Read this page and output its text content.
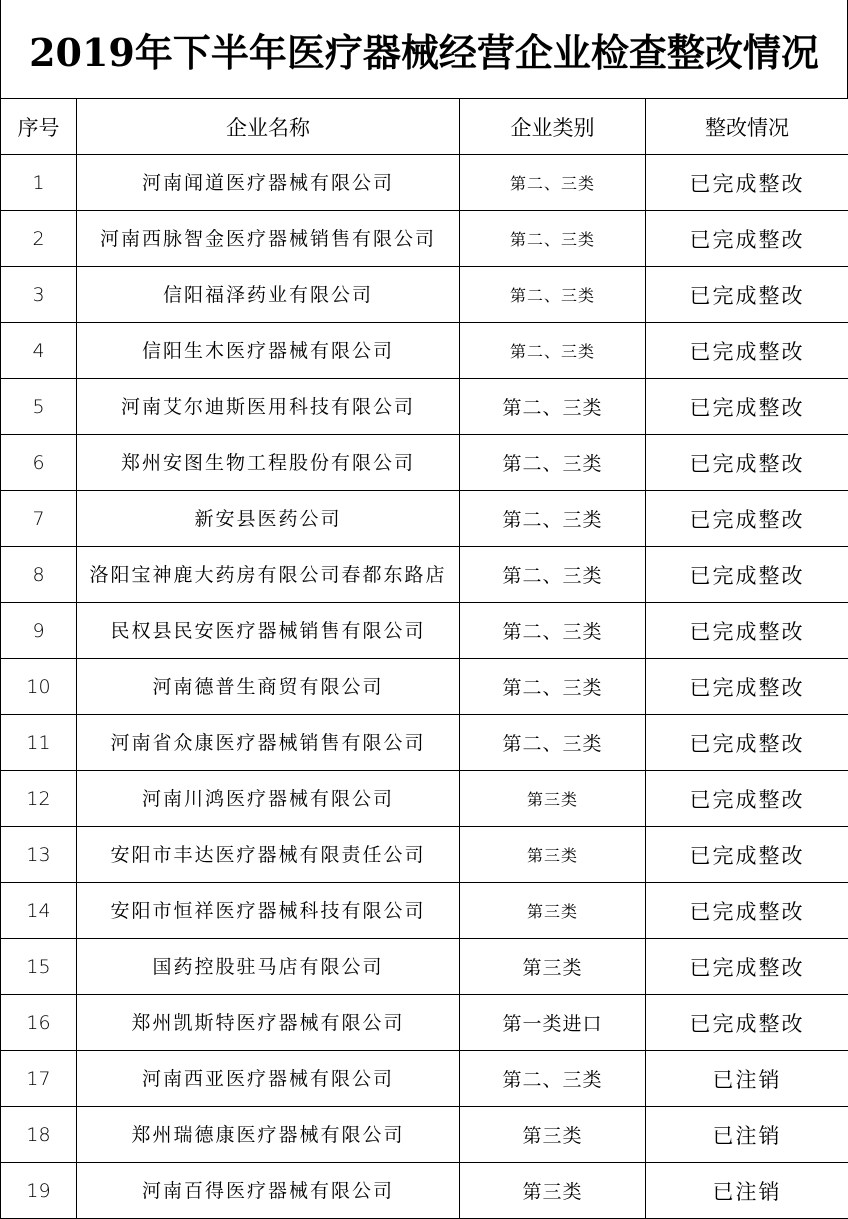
2019年下半年医疗器械经营企业检查整改情况
序号	企业名称	企业类别	整改情况
1	河南闻道医疗器械有限公司	第二、三类	已完成整改
2	河南西脉智金医疗器械销售有限公司	第二、三类	已完成整改
3	信阳福泽药业有限公司	第二、三类	已完成整改
4	信阳生木医疗器械有限公司	第二、三类	已完成整改
5	河南艾尔迪斯医用科技有限公司	第二、三类	已完成整改
6	郑州安图生物工程股份有限公司	第二、三类	已完成整改
7	新安县医药公司	第二、三类	已完成整改
8	洛阳宝神鹿大药房有限公司春都东路店	第二、三类	已完成整改
9	民权县民安医疗器械销售有限公司	第二、三类	已完成整改
10	河南德普生商贸有限公司	第二、三类	已完成整改
11	河南省众康医疗器械销售有限公司	第二、三类	已完成整改
12	河南川鸿医疗器械有限公司	第三类	已完成整改
13	安阳市丰达医疗器械有限责任公司	第三类	已完成整改
14	安阳市恒祥医疗器械科技有限公司	第三类	已完成整改
15	国药控股驻马店有限公司	第三类	已完成整改
16	郑州凯斯特医疗器械有限公司	第一类进口	已完成整改
17	河南西亚医疗器械有限公司	第二、三类	已注销
18	郑州瑞德康医疗器械有限公司	第三类	已注销
19	河南百得医疗器械有限公司	第三类	已注销
